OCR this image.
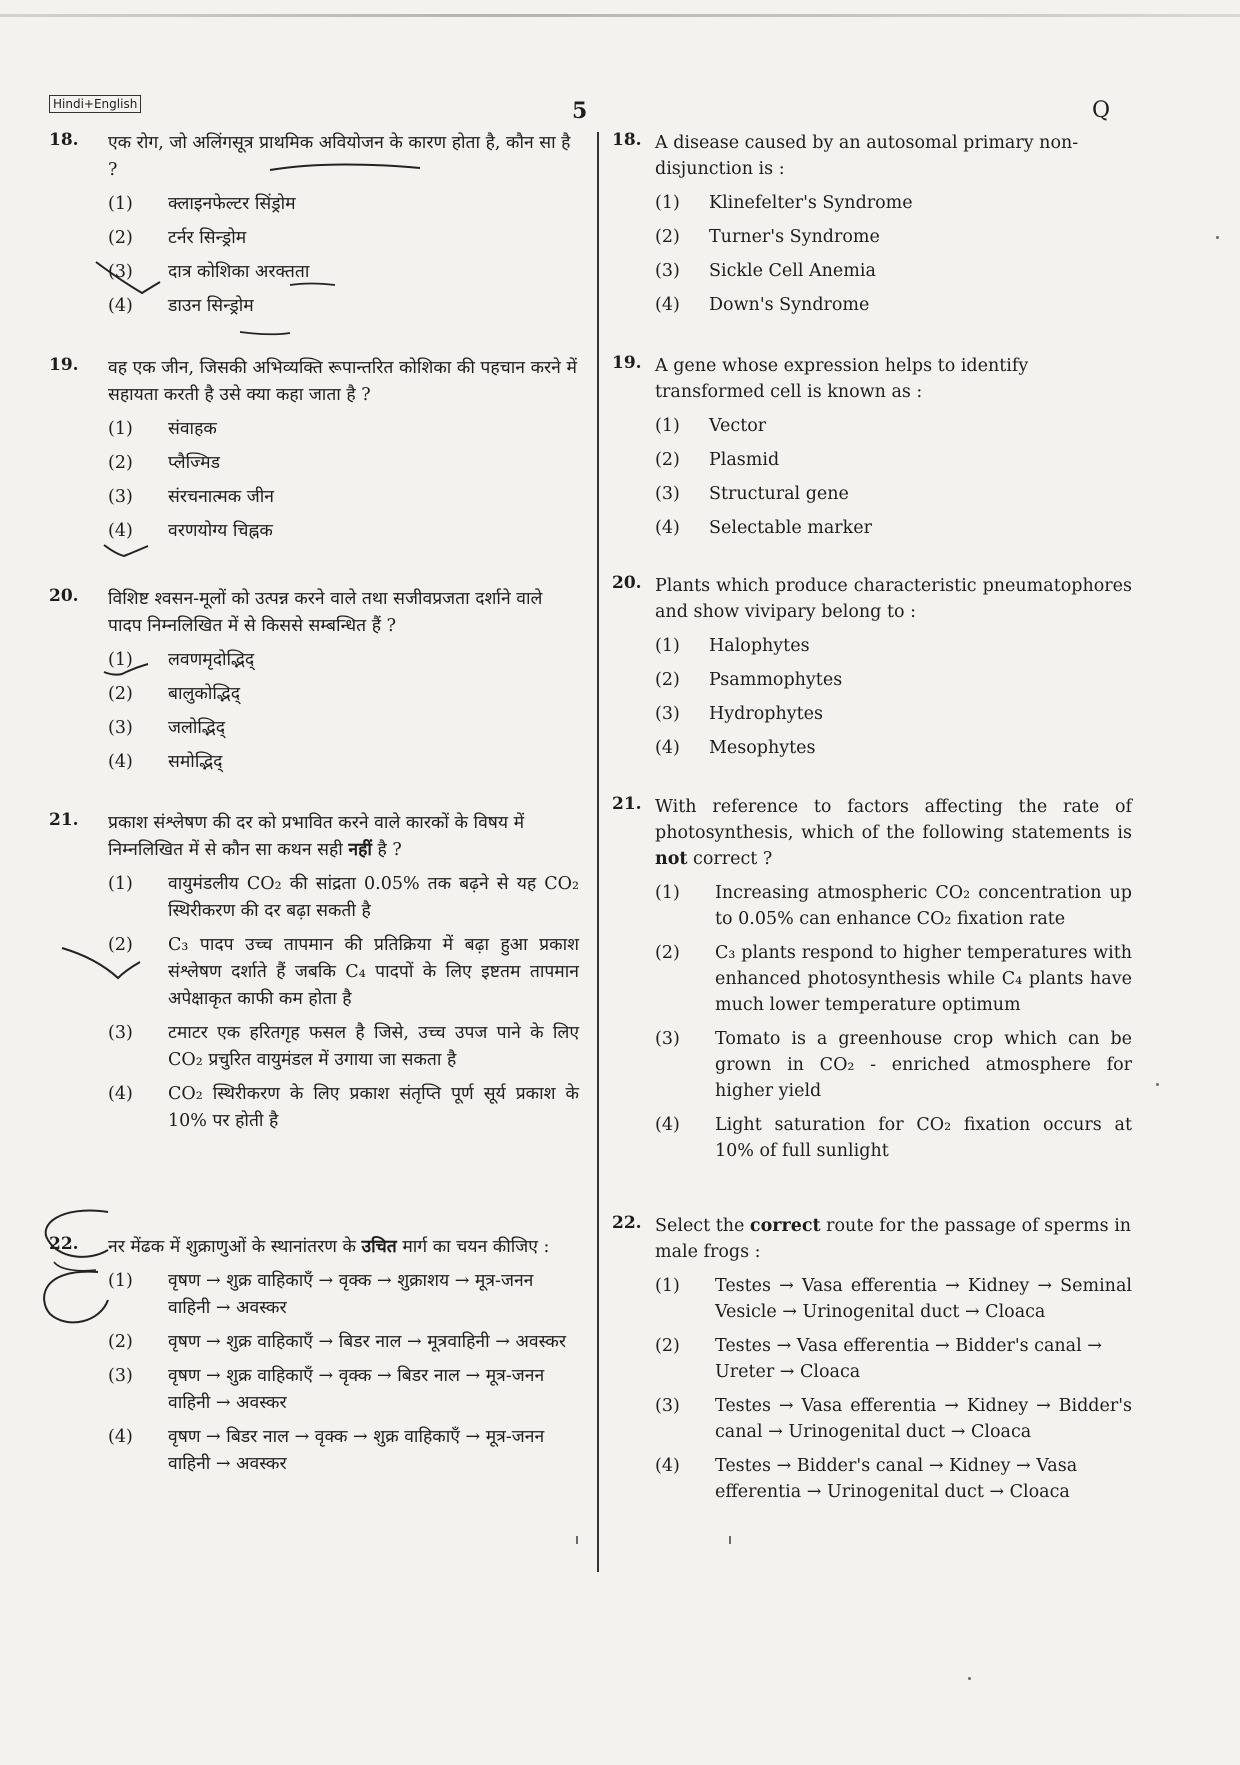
Hindi+English	5	Q
18. एक रोग, जो अलिंगसूत्र प्राथमिक अवियोजन के कारण होता है, कौन सा है ?
(1) क्लाइनफेल्टर सिंड्रोम
(2) टर्नर सिन्ड्रोम
(3) दात्र कोशिका अरक्तता
(4) डाउन सिन्ड्रोम
19. वह एक जीन, जिसकी अभिव्यक्ति रूपान्तरित कोशिका की पहचान करने में सहायता करती है उसे क्या कहा जाता है ?
(1) संवाहक
(2) प्लैज्मिड
(3) संरचनात्मक जीन
(4) वरणयोग्य चिह्नक
20. विशिष्ट श्वसन-मूलों को उत्पन्न करने वाले तथा सजीवप्रजता दर्शाने वाले पादप निम्नलिखित में से किससे सम्बन्धित हैं ?
(1) लवणमृदोद्भिद्
(2) बालुकोद्भिद्
(3) जलोद्भिद्
(4) समोद्भिद्
21. प्रकाश संश्लेषण की दर को प्रभावित करने वाले कारकों के विषय में निम्नलिखित में से कौन सा कथन सही नहीं है ?
(1) वायुमंडलीय CO₂ की सांद्रता 0.05% तक बढ़ने से यह CO₂ स्थिरीकरण की दर बढ़ा सकती है
(2) C₃ पादप उच्च तापमान की प्रतिक्रिया में बढ़ा हुआ प्रकाश संश्लेषण दर्शाते हैं जबकि C₄ पादपों के लिए इष्टतम तापमान अपेक्षाकृत काफी कम होता है
(3) टमाटर एक हरितगृह फसल है जिसे, उच्च उपज पाने के लिए CO₂ प्रचुरित वायुमंडल में उगाया जा सकता है
(4) CO₂ स्थिरीकरण के लिए प्रकाश संतृप्ति पूर्ण सूर्य प्रकाश के 10% पर होती है
22. नर मेंढक में शुक्राणुओं के स्थानांतरण के उचित मार्ग का चयन कीजिए :
(1) वृषण → शुक्र वाहिकाएँ → वृक्क → शुक्राशय → मूत्र-जनन वाहिनी → अवस्कर
(2) वृषण → शुक्र वाहिकाएँ → बिडर नाल → मूत्रवाहिनी → अवस्कर
(3) वृषण → शुक्र वाहिकाएँ → वृक्क → बिडर नाल → मूत्र-जनन वाहिनी → अवस्कर
(4) वृषण → बिडर नाल → वृक्क → शुक्र वाहिकाएँ → मूत्र-जनन वाहिनी → अवस्कर
18. A disease caused by an autosomal primary non-disjunction is :
(1) Klinefelter's Syndrome
(2) Turner's Syndrome
(3) Sickle Cell Anemia
(4) Down's Syndrome
19. A gene whose expression helps to identify transformed cell is known as :
(1) Vector
(2) Plasmid
(3) Structural gene
(4) Selectable marker
20. Plants which produce characteristic pneumatophores and show vivipary belong to :
(1) Halophytes
(2) Psammophytes
(3) Hydrophytes
(4) Mesophytes
21. With reference to factors affecting the rate of photosynthesis, which of the following statements is not correct ?
(1) Increasing atmospheric CO₂ concentration up to 0.05% can enhance CO₂ fixation rate
(2) C₃ plants respond to higher temperatures with enhanced photosynthesis while C₄ plants have much lower temperature optimum
(3) Tomato is a greenhouse crop which can be grown in CO₂ - enriched atmosphere for higher yield
(4) Light saturation for CO₂ fixation occurs at 10% of full sunlight
22. Select the correct route for the passage of sperms in male frogs :
(1) Testes → Vasa efferentia → Kidney → Seminal Vesicle → Urinogenital duct → Cloaca
(2) Testes → Vasa efferentia → Bidder's canal → Ureter → Cloaca
(3) Testes → Vasa efferentia → Kidney → Bidder's canal → Urinogenital duct → Cloaca
(4) Testes → Bidder's canal → Kidney → Vasa efferentia → Urinogenital duct → Cloaca
